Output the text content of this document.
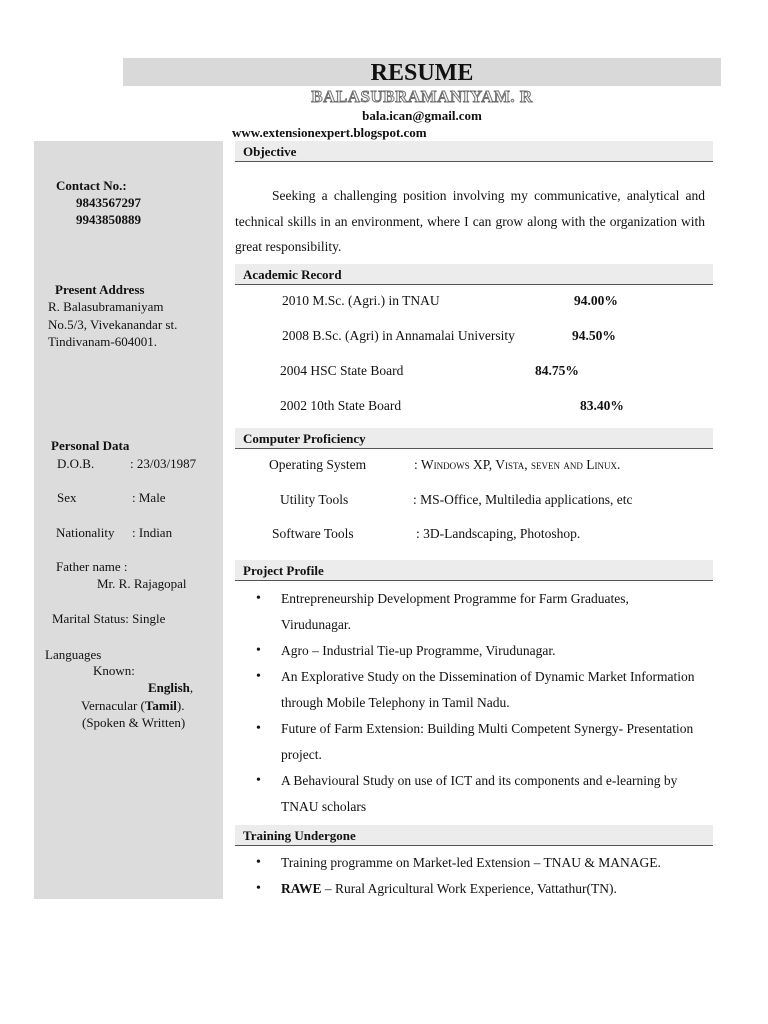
RESUME
BALASUBRAMANIYAM. R
bala.ican@gmail.com
www.extensionexpert.blogspot.com
Contact No.:
9843567297
9943850889
Present Address
R. Balasubramaniyam
No.5/3, Vivekanandar st.
Tindivanam-604001.
Personal Data
D.O.B.	: 23/03/1987
Sex	: Male
Nationality : Indian
Father name :
Mr. R. Rajagopal
Marital Status: Single
Languages
Known:
English,
Vernacular (Tamil).
(Spoken & Written)
Objective
Seeking a challenging position involving my communicative, analytical and technical skills in an environment, where I can grow along with the organization with great responsibility.
Academic Record
2010 M.Sc. (Agri.) in TNAU	94.00%
2008 B.Sc. (Agri) in Annamalai University	94.50%
2004 HSC State Board	84.75%
2002 10th State Board	83.40%
Computer Proficiency
Operating System	: Windows XP, Vista, seven and Linux.
Utility Tools	: MS-Office, Multiledia applications, etc
Software Tools	: 3D-Landscaping, Photoshop.
Project Profile
• Entrepreneurship Development Programme for Farm Graduates, Virudunagar.
• Agro – Industrial Tie-up Programme, Virudunagar.
• An Explorative Study on the Dissemination of Dynamic Market Information through Mobile Telephony in Tamil Nadu.
• Future of Farm Extension: Building Multi Competent Synergy- Presentation project.
• A Behavioural Study on use of ICT and its components and e-learning by TNAU scholars
Training Undergone
• Training programme on Market-led Extension – TNAU & MANAGE.
• RAWE – Rural Agricultural Work Experience, Vattathur(TN).
